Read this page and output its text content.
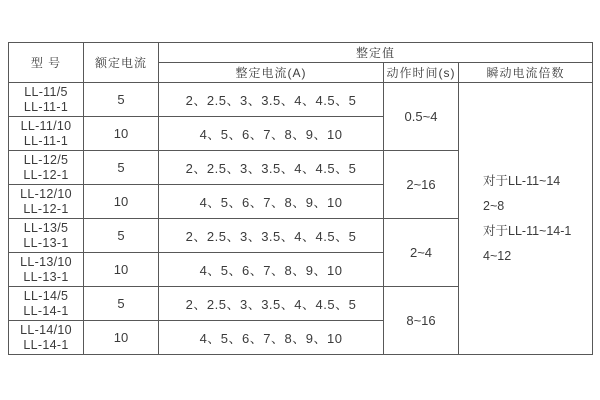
型 号	额定电流	整定值		
		整定电流(A)	动作时间(s)	瞬动电流倍数

LL-11/5
LL-11-1	5	2、2.5、3、3.5、4、4.5、5	0.5~4	对于LL-11~14
2~8
对于LL-11~14-1
4~12

LL-11/10
LL-11-1	10	4、5、6、7、8、9、10		

LL-12/5
LL-12-1	5	2、2.5、3、3.5、4、4.5、5	2~16	

LL-12/10
LL-12-1	10	4、5、6、7、8、9、10		

LL-13/5
LL-13-1	5	2、2.5、3、3.5、4、4.5、5	2~4	

LL-13/10
LL-13-1	10	4、5、6、7、8、9、10		

LL-14/5
LL-14-1	5	2、2.5、3、3.5、4、4.5、5	8~16	

LL-14/10
LL-14-1	10	4、5、6、7、8、9、10		
